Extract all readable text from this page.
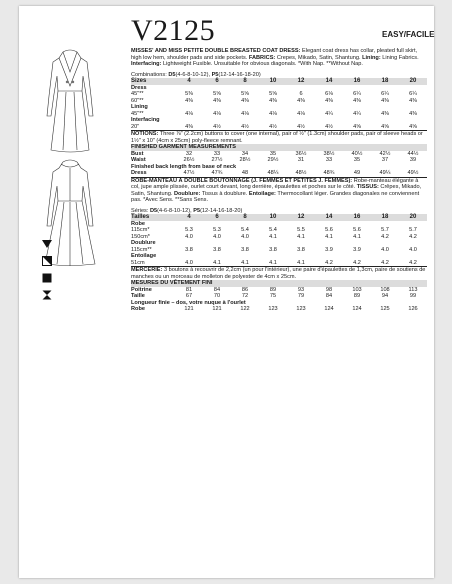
V2125	EASY/FACILE

MISSES' AND MISS PETITE DOUBLE BREASTED COAT DRESS: Elegant coat dress has collar, pleated full skirt, high low hem, shoulder pads and side pockets. FABRICS: Crepes, Mikado, Satin, Shantung. Lining: Lining Fabrics. Interfacing: Lightweight Fusible. Unsuitable for obvious diagonals. *With Nap. **Without Nap.

Combinations: D5(4-6-8-10-12), P5(12-14-16-18-20)

Sizes	4	6	8	10	12	14	16	18	20
Dress
45"**	5⅜	5⅝	5⅝	5⅝	6	6⅛	6¼	6¼	6¼
60"**	4⅜	4⅜	4⅜	4⅜	4⅜	4⅜	4⅜	4⅜	4⅜
Lining
45"**	4⅛	4⅛	4⅛	4⅛	4⅛	4¼	4¼	4⅜	4⅜
Interfacing
20"	4⅜	4½	4½	4½	4½	4½	4⅝	4⅝	4⅝

NOTIONS: Three ⅞" (2.2cm) buttons to cover (one internal), pair of ½" (1.3cm) shoulder pads, pair of sleeve heads or 1½" x 10" (4cm x 25cm) poly-fleece remnant.

FINISHED GARMENT MEASUREMENTS
Bust	32	33	34	35	36½	38½	40½	42½	44½
Waist	26½	27½	28½	29½	31	33	35	37	39
Finished back length from base of neck
Dress	47½	47¾	48	48¼	48½	48¾	49	49¼	49½

ROBE-MANTEAU À DOUBLE BOUTONNAGE (J. FEMMES ET PETITES J. FEMMES): Robe-manteau élégante à col, jupe ample plissée, ourlet court devant, long derrière, épaulettes et poches sur le côté. TISSUS: Crêpes, Mikado, Satin, Shantung. Doublure: Tissus à doublure. Entoilage: Thermocollant léger. Grandes diagonales ne conviennent pas. *Avec Sens. **Sans Sens.

Séries: D5(4-6-8-10-12), P5(12-14-16-18-20)

Tailles	4	6	8	10	12	14	16	18	20
Robe
115cm*	5.3	5.3	5.4	5.4	5.5	5.6	5.6	5.7	5.7
150cm*	4.0	4.0	4.0	4.1	4.1	4.1	4.1	4.2	4.2
Doublure
115cm**	3.8	3.8	3.8	3.8	3.8	3.9	3.9	4.0	4.0
Entoilage
51cm	4.0	4.1	4.1	4.1	4.1	4.2	4.2	4.2	4.2

MERCERIE: 3 boutons à recouvrir de 2,2cm (un pour l'intérieur), une paire d'épaulettes de 1,3cm, paire de soutiens de manches ou un morceau de molleton de polyester de 4cm x 25cm.

MESURES DU VÊTEMENT FINI
Poitrine	81	84	86	89	93	98	103	108	113
Taille	67	70	72	75	79	84	89	94	99
Longueur finie – dos, votre nuque à l'ourlet
Robe	121	121	122	123	123	124	124	125	126
